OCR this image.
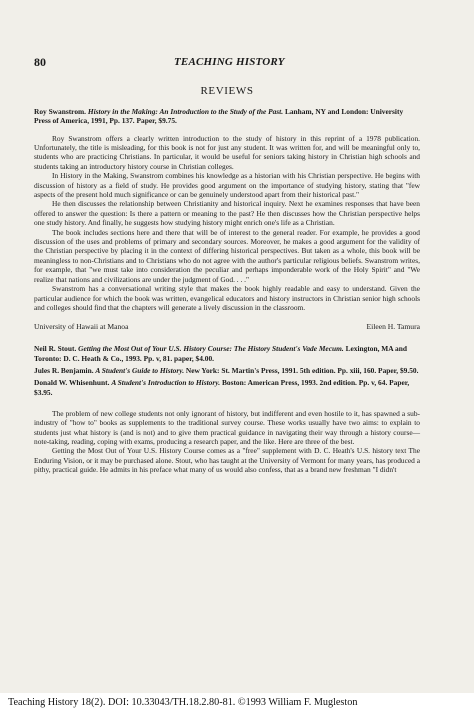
80	TEACHING HISTORY
REVIEWS
Roy Swanstrom. History in the Making: An Introduction to the Study of the Past. Lanham, NY and London: University Press of America, 1991, Pp. 137. Paper, $9.75.

Roy Swanstrom offers a clearly written introduction to the study of history in this reprint of a 1978 publication. Unfortunately, the title is misleading, for this book is not for just any student. It was written for, and will be meaningful only to, students who are practicing Christians. In particular, it would be useful for seniors taking history in Christian high schools and students taking an introductory history course in Christian colleges.

In History in the Making, Swanstrom combines his knowledge as a historian with his Christian perspective. He begins with discussion of history as a field of study. He provides good argument on the importance of studying history, stating that "few aspects of the present hold much significance or can be genuinely understood apart from their historical past."

He then discusses the relationship between Christianity and historical inquiry. Next he examines responses that have been offered to answer the question: Is there a pattern or meaning to the past? He then discusses how the Christian perspective helps one study history. And finally, he suggests how studying history might enrich one's life as a Christian.

The book includes sections here and there that will be of interest to the general reader. For example, he provides a good discussion of the uses and problems of primary and secondary sources. Moreover, he makes a good argument for the validity of the Christian perspective by placing it in the context of differing historical perspectives. But taken as a whole, this book will be meaningless to non-Christians and to Christians who do not agree with the author's particular religious beliefs. Swanstrom writes, for example, that "we must take into consideration the peculiar and perhaps imponderable work of the Holy Spirit" and "We realize that nations and civilizations are under the judgment of God. . . ."

Swanstrom has a conversational writing style that makes the book highly readable and easy to understand. Given the particular audience for which the book was written, evangelical educators and history instructors in Christian senior high schools and colleges should find that the chapters will generate a lively discussion in the classroom.

University of Hawaii at Manoa	Eileen H. Tamura
Neil R. Stout. Getting the Most Out of Your U.S. History Course: The History Student's Vade Mecum. Lexington, MA and Toronto: D. C. Heath & Co., 1993. Pp. v, 81. paper, $4.00.
Jules R. Benjamin. A Student's Guide to History. New York: St. Martin's Press, 1991. 5th edition. Pp. xiii, 160. Paper, $9.50.
Donald W. Whisenhunt. A Student's Introduction to History. Boston: American Press, 1993. 2nd edition. Pp. v, 64. Paper, $3.95.

The problem of new college students not only ignorant of history, but indifferent and even hostile to it, has spawned a sub-industry of "how to" books as supplements to the traditional survey course. These works usually have two aims: to explain to students just what history is (and is not) and to give them practical guidance in navigating their way through a history course—note-taking, reading, coping with exams, producing a research paper, and the like. Here are three of the best.

Getting the Most Out of Your U.S. History Course comes as a "free" supplement with D. C. Heath's U.S. history text The Enduring Vision, or it may be purchased alone. Stout, who has taught at the University of Vermont for many years, has produced a pithy, practical guide. He admits in his preface what many of us would also confess, that as a brand new freshman "I didn't

Teaching History 18(2). DOI: 10.33043/TH.18.2.80-81. ©1993 William F. Mugleston
